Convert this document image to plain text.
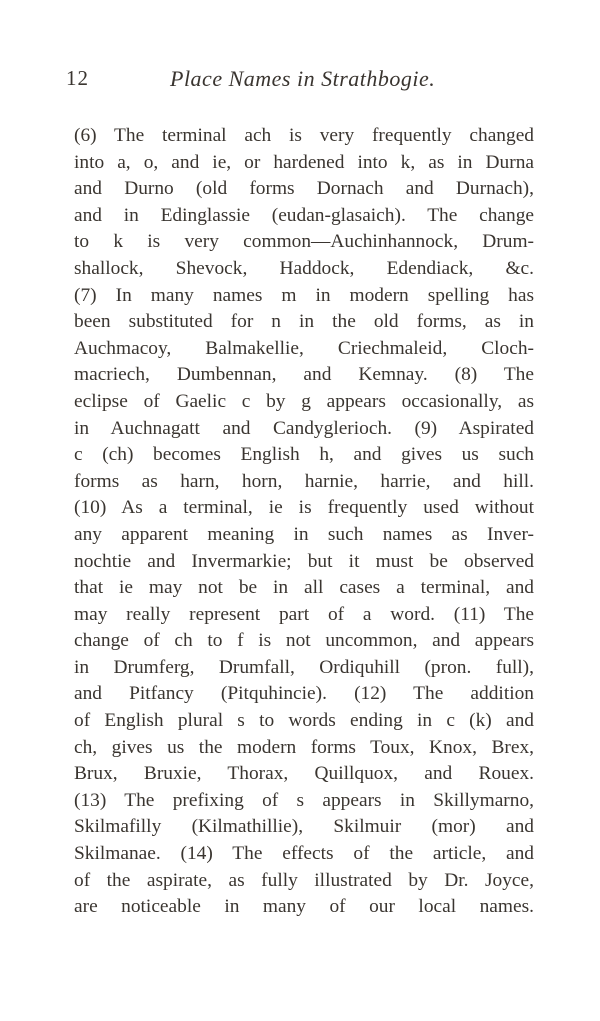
12	Place Names in Strathbogie.
(6) The terminal ach is very frequently changed
into a, o, and ie, or hardened into k, as in Durna
and Durno (old forms Dornach and Durnach),
and in Edinglassie (eudan-glasaich). The change
to k is very common—Auchinhannock, Drum-
shallock, Shevock, Haddock, Edendiack, &c.
(7) In many names m in modern spelling has
been substituted for n in the old forms, as in
Auchmacoy, Balmakellie, Criechmaleid, Cloch-
macriech, Dumbennan, and Kemnay. (8) The
eclipse of Gaelic c by g appears occasionally, as
in Auchnagatt and Candyglerioch. (9) Aspirated
c (ch) becomes English h, and gives us such
forms as harn, horn, harnie, harrie, and hill.
(10) As a terminal, ie is frequently used without
any apparent meaning in such names as Inver-
nochtie and Invermarkie; but it must be observed
that ie may not be in all cases a terminal, and
may really represent part of a word. (11) The
change of ch to f is not uncommon, and appears
in Drumferg, Drumfall, Ordiquhill (pron. full),
and Pitfancy (Pitquhincie). (12) The addition
of English plural s to words ending in c (k) and
ch, gives us the modern forms Toux, Knox, Brex,
Brux, Bruxie, Thorax, Quillquox, and Rouex.
(13) The prefixing of s appears in Skillymarno,
Skilmafilly (Kilmathillie), Skilmuir (mor) and
Skilmanae. (14) The effects of the article, and
of the aspirate, as fully illustrated by Dr. Joyce,
are noticeable in many of our local names.
